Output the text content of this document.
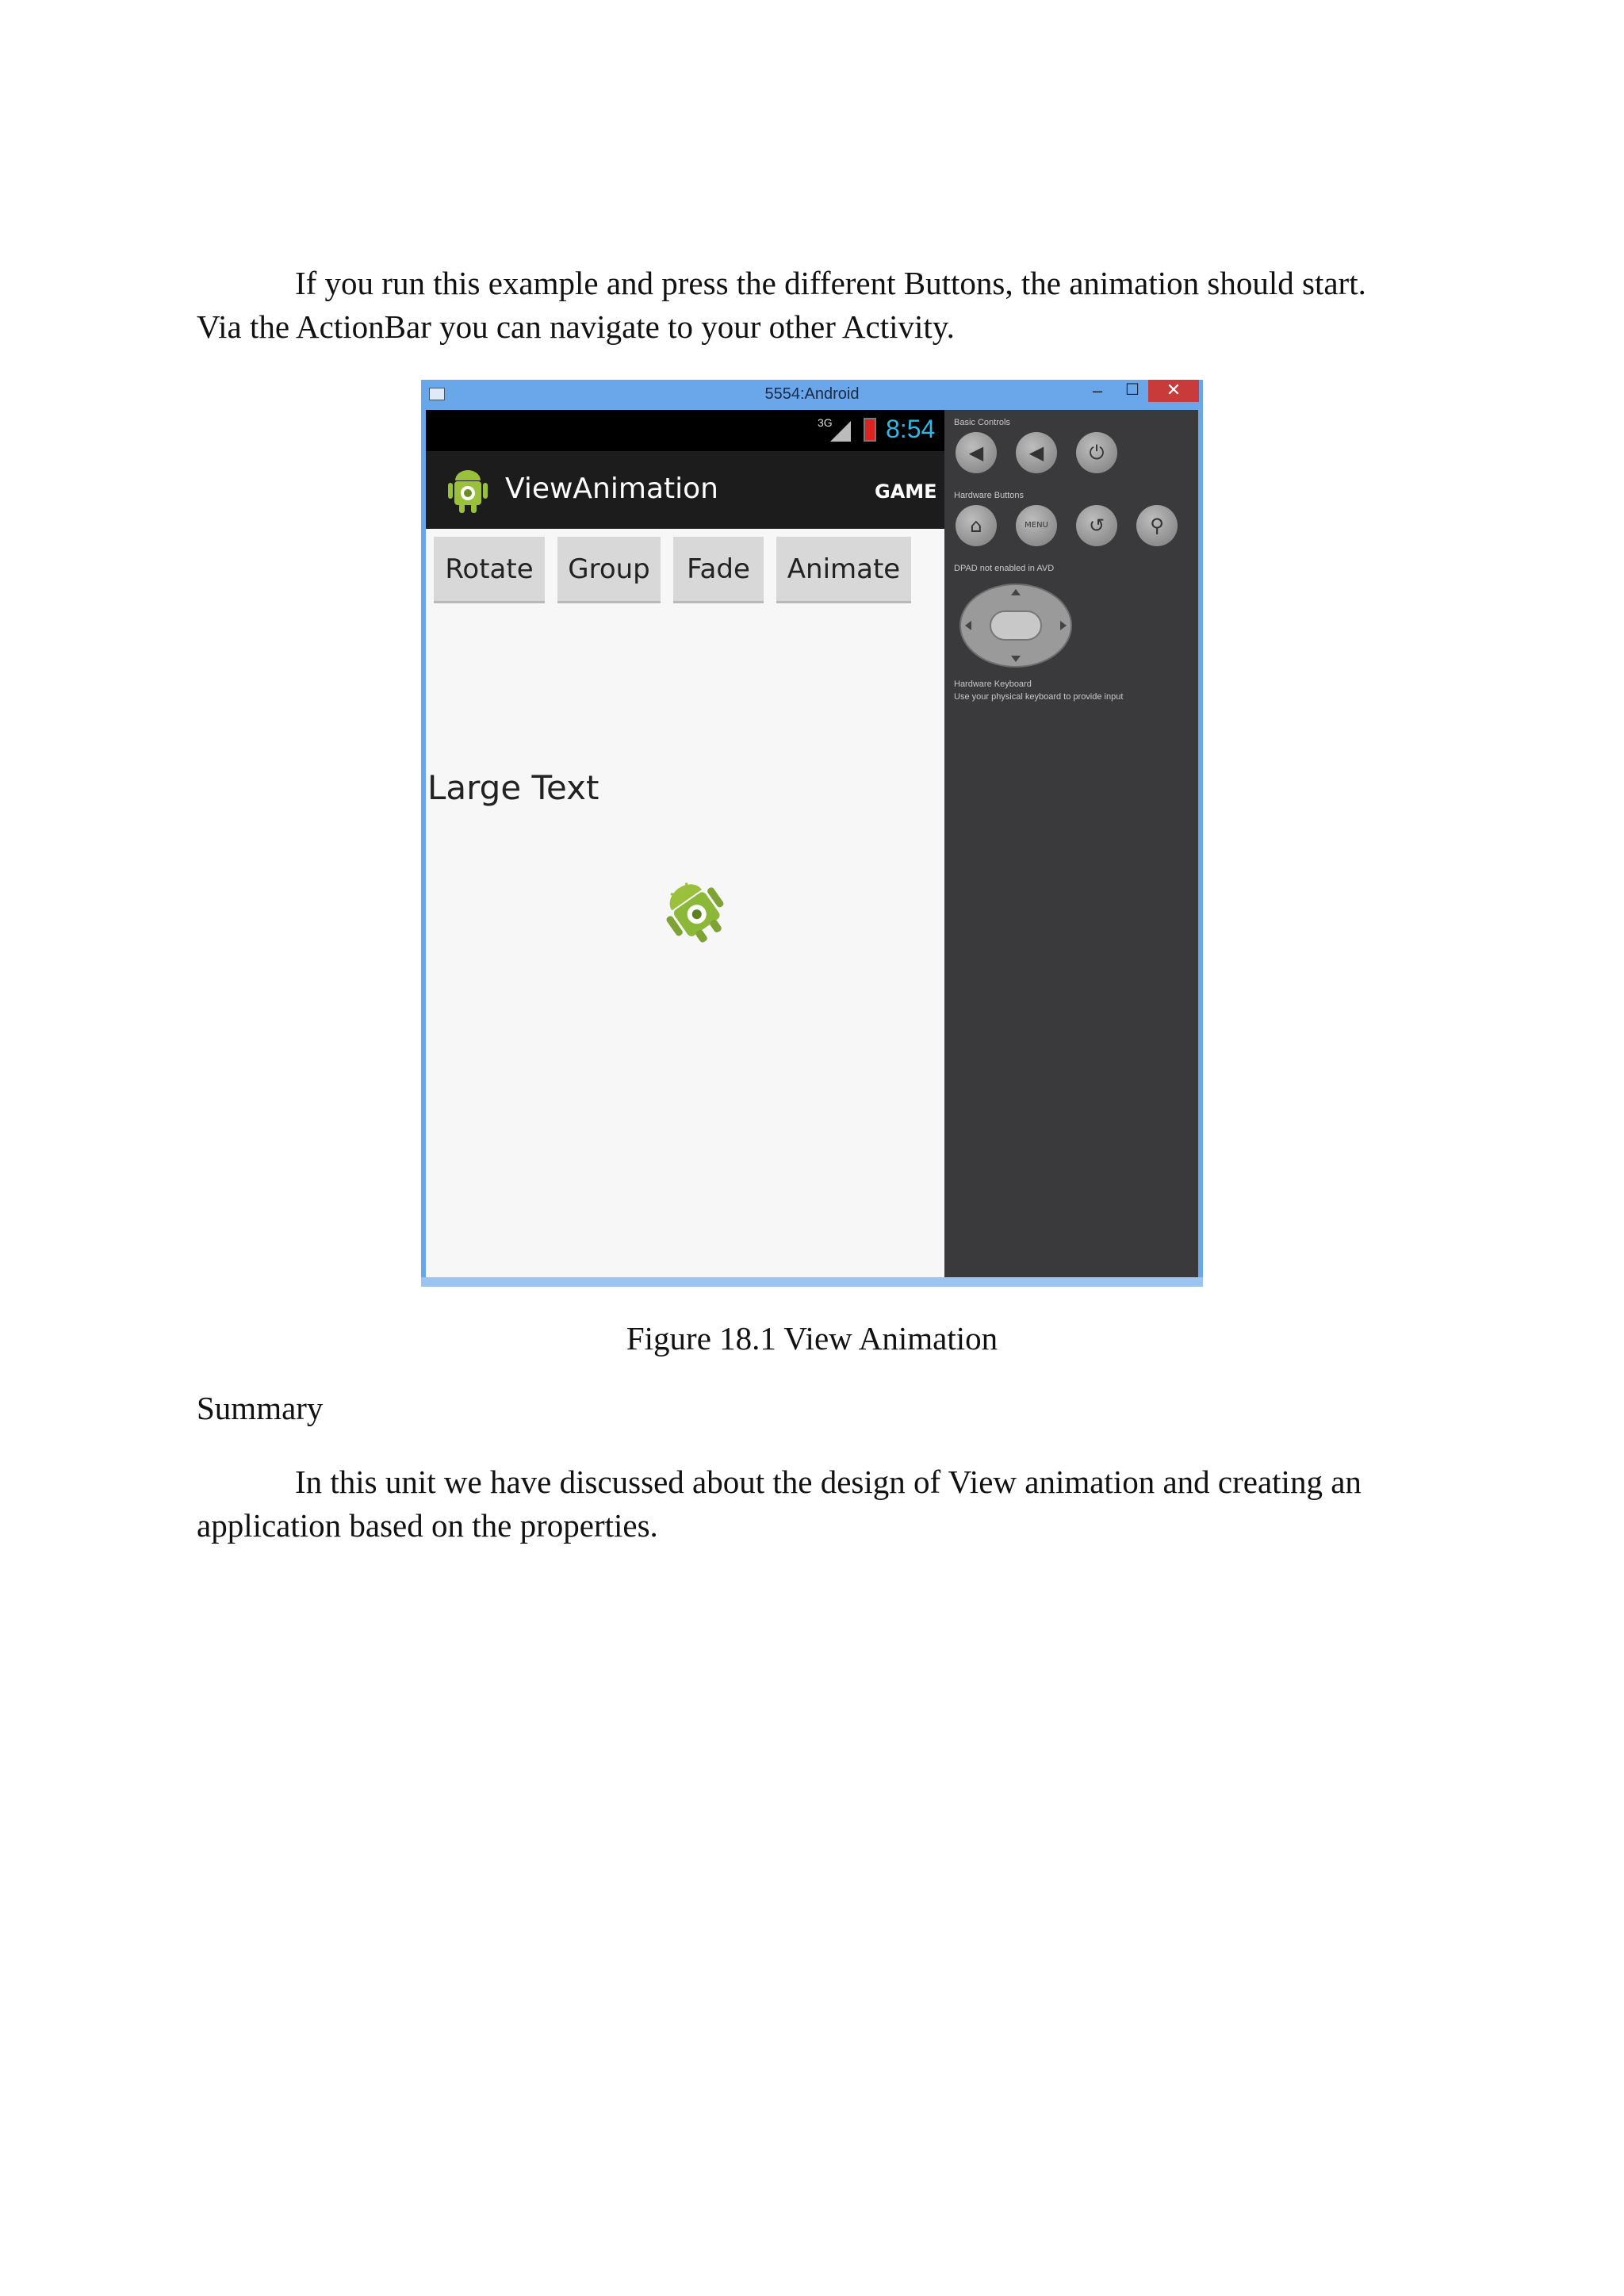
If you run this example and press the different Buttons, the animation should start.
Via the ActionBar you can navigate to your other Activity.

5554:Android	–	☐	✕
3G	8:54
ViewAnimation	GAME
Rotate	Group	Fade	Animate
Large Text
Basic Controls
◀	◀	⏻
Hardware Buttons
⌂	MENU	↺	⚲
DPAD not enabled in AVD
Hardware Keyboard
Use your physical keyboard to provide input
Figure 18.1 View Animation
Summary

In this unit we have discussed about the design of View animation and creating an
application based on the properties.
